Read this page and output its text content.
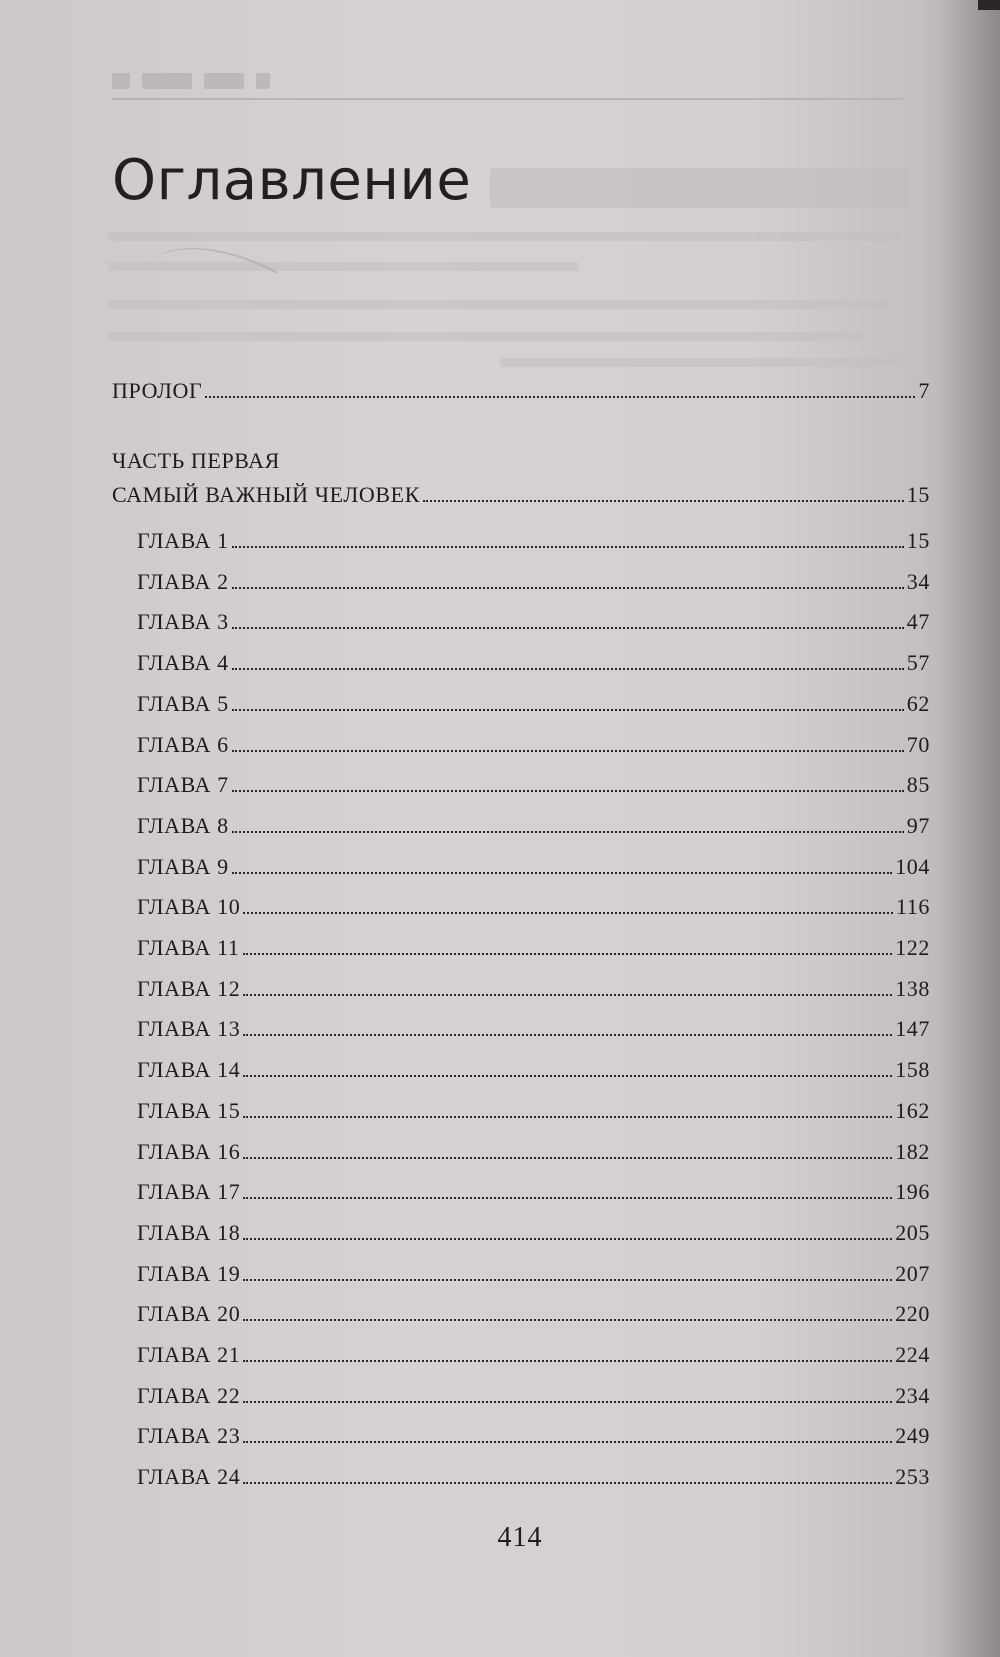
Оглавление
ПРОЛОГ	7
ЧАСТЬ ПЕРВАЯ
САМЫЙ ВАЖНЫЙ ЧЕЛОВЕК	15
ГЛАВА 1	15
ГЛАВА 2	34
ГЛАВА 3	47
ГЛАВА 4	57
ГЛАВА 5	62
ГЛАВА 6	70
ГЛАВА 7	85
ГЛАВА 8	97
ГЛАВА 9	104
ГЛАВА 10	116
ГЛАВА 11	122
ГЛАВА 12	138
ГЛАВА 13	147
ГЛАВА 14	158
ГЛАВА 15	162
ГЛАВА 16	182
ГЛАВА 17	196
ГЛАВА 18	205
ГЛАВА 19	207
ГЛАВА 20	220
ГЛАВА 21	224
ГЛАВА 22	234
ГЛАВА 23	249
ГЛАВА 24	253
414
